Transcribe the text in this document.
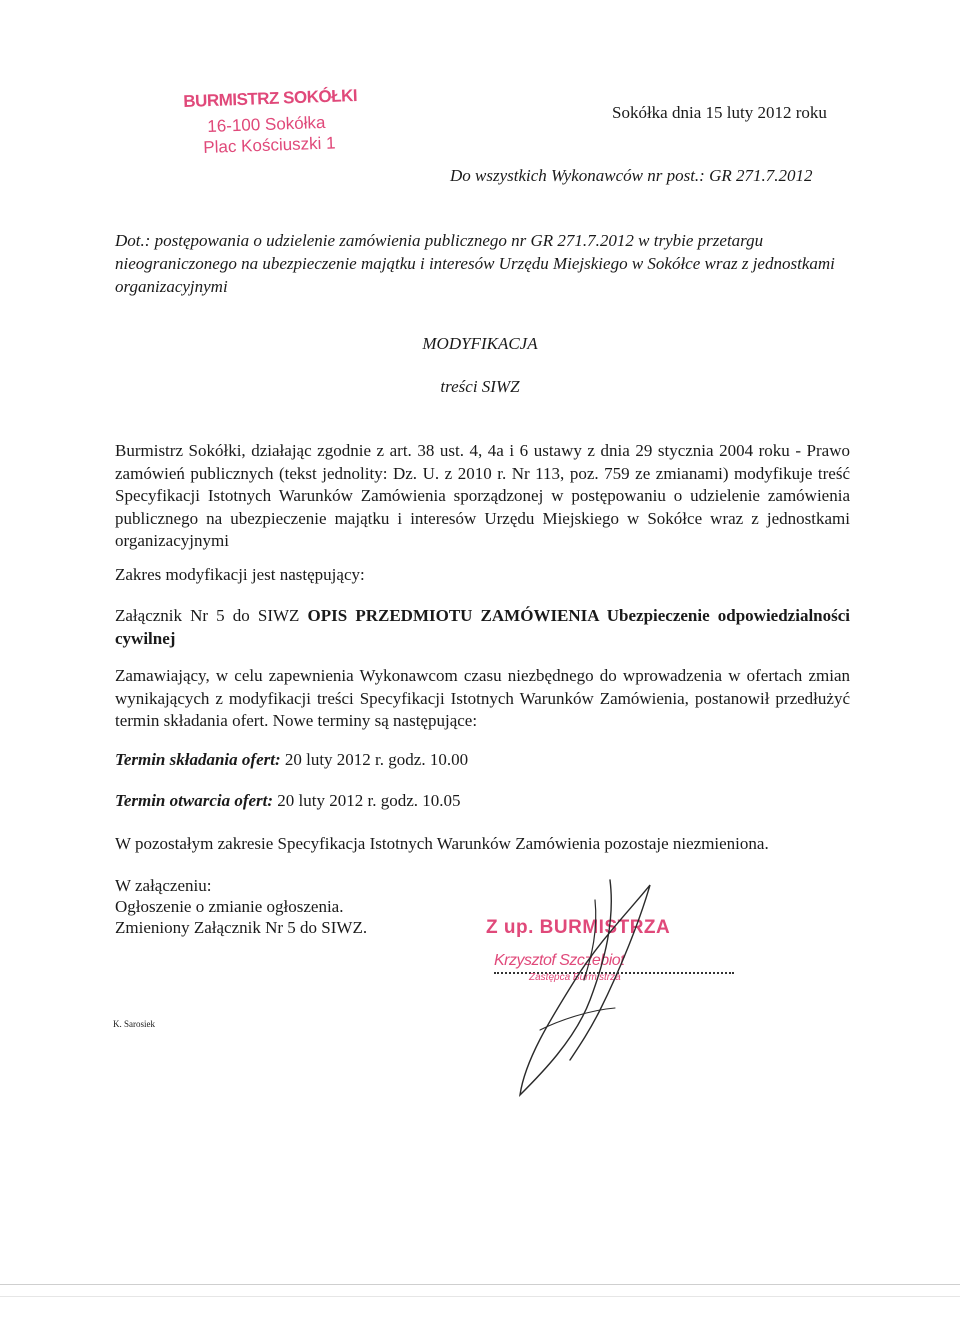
BURMISTRZ SOKÓŁKI
16-100 Sokółka
Plac Kościuszki 1
Sokółka dnia 15 luty 2012 roku
Do wszystkich Wykonawców nr post.: GR 271.7.2012
Dot.: postępowania o udzielenie zamówienia publicznego nr GR 271.7.2012 w trybie przetargu nieograniczonego na ubezpieczenie majątku i interesów Urzędu Miejskiego w Sokółce wraz z jednostkami organizacyjnymi
MODYFIKACJA
treści SIWZ
Burmistrz Sokółki, działając zgodnie z art. 38 ust. 4, 4a i 6 ustawy z dnia 29 stycznia 2004 roku - Prawo zamówień publicznych (tekst jednolity: Dz. U. z 2010 r. Nr 113, poz. 759 ze zmianami) modyfikuje treść Specyfikacji Istotnych Warunków Zamówienia sporządzonej w postępowaniu o udzielenie zamówienia publicznego na ubezpieczenie majątku i interesów Urzędu Miejskiego w Sokółce wraz z jednostkami organizacyjnymi
Zakres modyfikacji jest następujący:
Załącznik Nr 5 do SIWZ OPIS PRZEDMIOTU ZAMÓWIENIA Ubezpieczenie odpowiedzialności cywilnej
Zamawiający, w celu zapewnienia Wykonawcom czasu niezbędnego do wprowadzenia w ofertach zmian wynikających z modyfikacji treści Specyfikacji Istotnych Warunków Zamówienia, postanowił przedłużyć termin składania ofert. Nowe terminy są następujące:
Termin składania ofert: 20 luty 2012 r. godz. 10.00
Termin otwarcia ofert: 20 luty 2012 r. godz. 10.05
W pozostałym zakresie Specyfikacja Istotnych Warunków Zamówienia pozostaje niezmieniona.
W załączeniu:
Ogłoszenie o zmianie ogłoszenia.
Zmieniony Załącznik Nr 5 do SIWZ.
K. Sarosiek
Z up. BURMISTRZA
Krzysztof Szczebiot
Zastępca Burmistrza
